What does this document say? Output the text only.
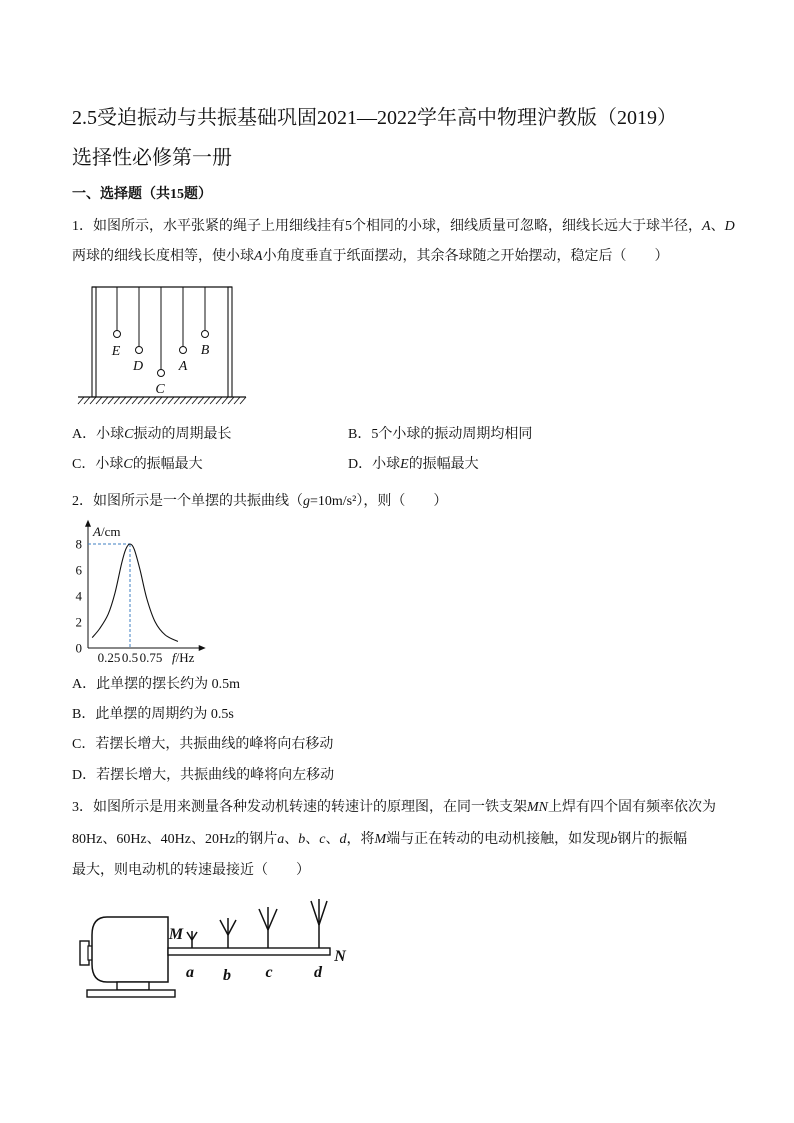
2.5受迫振动与共振基础巩固2021—2022学年高中物理沪教版（2019）
选择性必修第一册
一、选择题（共15题）
1．如图所示，水平张紧的绳子上用细线挂有5个相同的小球，细线质量可忽略，细线长远大于球半径，A、D
两球的细线长度相等，使小球A小角度垂直于纸面摆动，其余各球随之开始摆动，稳定后（　　）
E
D
C
A
B
A．小球C振动的周期最长	B．5个小球的振动周期均相同
C．小球C的振幅最大	D．小球E的振幅最大
2．如图所示是一个单摆的共振曲线（g=10m/s²），则（　　）
0
2
4
6
8
0.25 0.5 0.75 f/Hz
A/cm
A．此单摆的摆长约为 0.5m
B．此单摆的周期约为 0.5s
C．若摆长增大，共振曲线的峰将向右移动
D．若摆长增大，共振曲线的峰将向左移动
3．如图所示是用来测量各种发动机转速的转速计的原理图，在同一铁支架MN上焊有四个固有频率依次为
80Hz、60Hz、40Hz、20Hz的钢片a、b、c、d，将M端与正在转动的电动机接触，如发现b钢片的振幅
最大，则电动机的转速最接近（　　）
M
N
a b c	d
